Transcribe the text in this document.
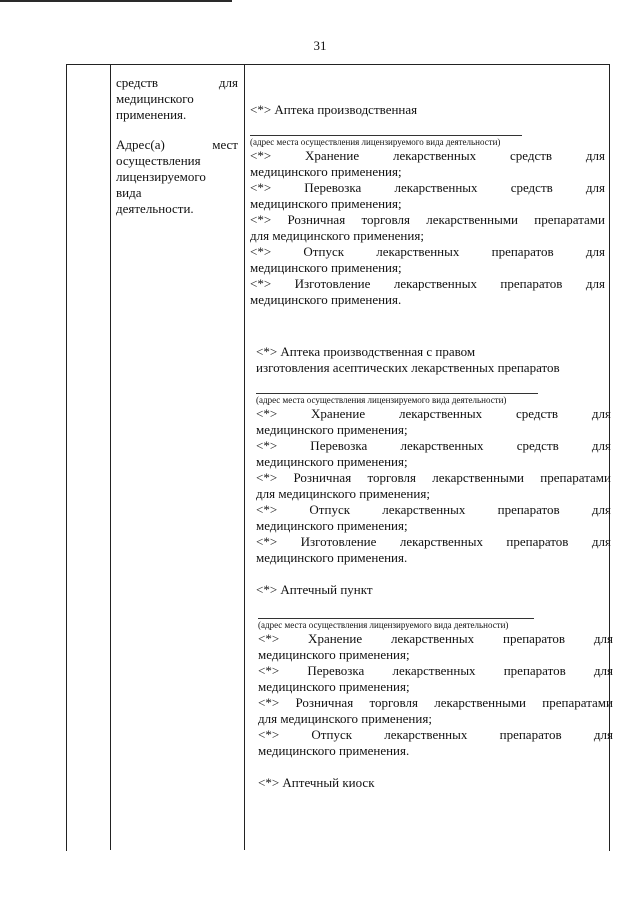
31

средств для

медицинского

применения.

Адрес(а) мест

осуществления

лицензируемого

вида

деятельности.

<*> Аптека производственная

(адрес места осуществления лицензируемого вида деятельности)

<*> Хранение лекарственных средств для

медицинского применения;

<*> Перевозка лекарственных средств для

медицинского применения;

<*> Розничная торговля лекарственными препаратами

для медицинского применения;

<*> Отпуск лекарственных препаратов для

медицинского применения;

<*> Изготовление лекарственных препаратов для

медицинского применения.

<*> Аптека производственная с правом

изготовления асептических лекарственных препаратов

(адрес места осуществления лицензируемого вида деятельности)

<*> Хранение лекарственных средств для

медицинского применения;

<*> Перевозка лекарственных средств для

медицинского применения;

<*> Розничная торговля лекарственными препаратами

для медицинского применения;

<*> Отпуск лекарственных препаратов для

медицинского применения;

<*> Изготовление лекарственных препаратов для

медицинского применения.

<*> Аптечный пункт

(адрес места осуществления лицензируемого вида деятельности)

<*> Хранение лекарственных препаратов для

медицинского применения;

<*> Перевозка лекарственных препаратов для

медицинского применения;

<*> Розничная торговля лекарственными препаратами

для медицинского применения;

<*> Отпуск лекарственных препаратов для

медицинского применения.

<*> Аптечный киоск
